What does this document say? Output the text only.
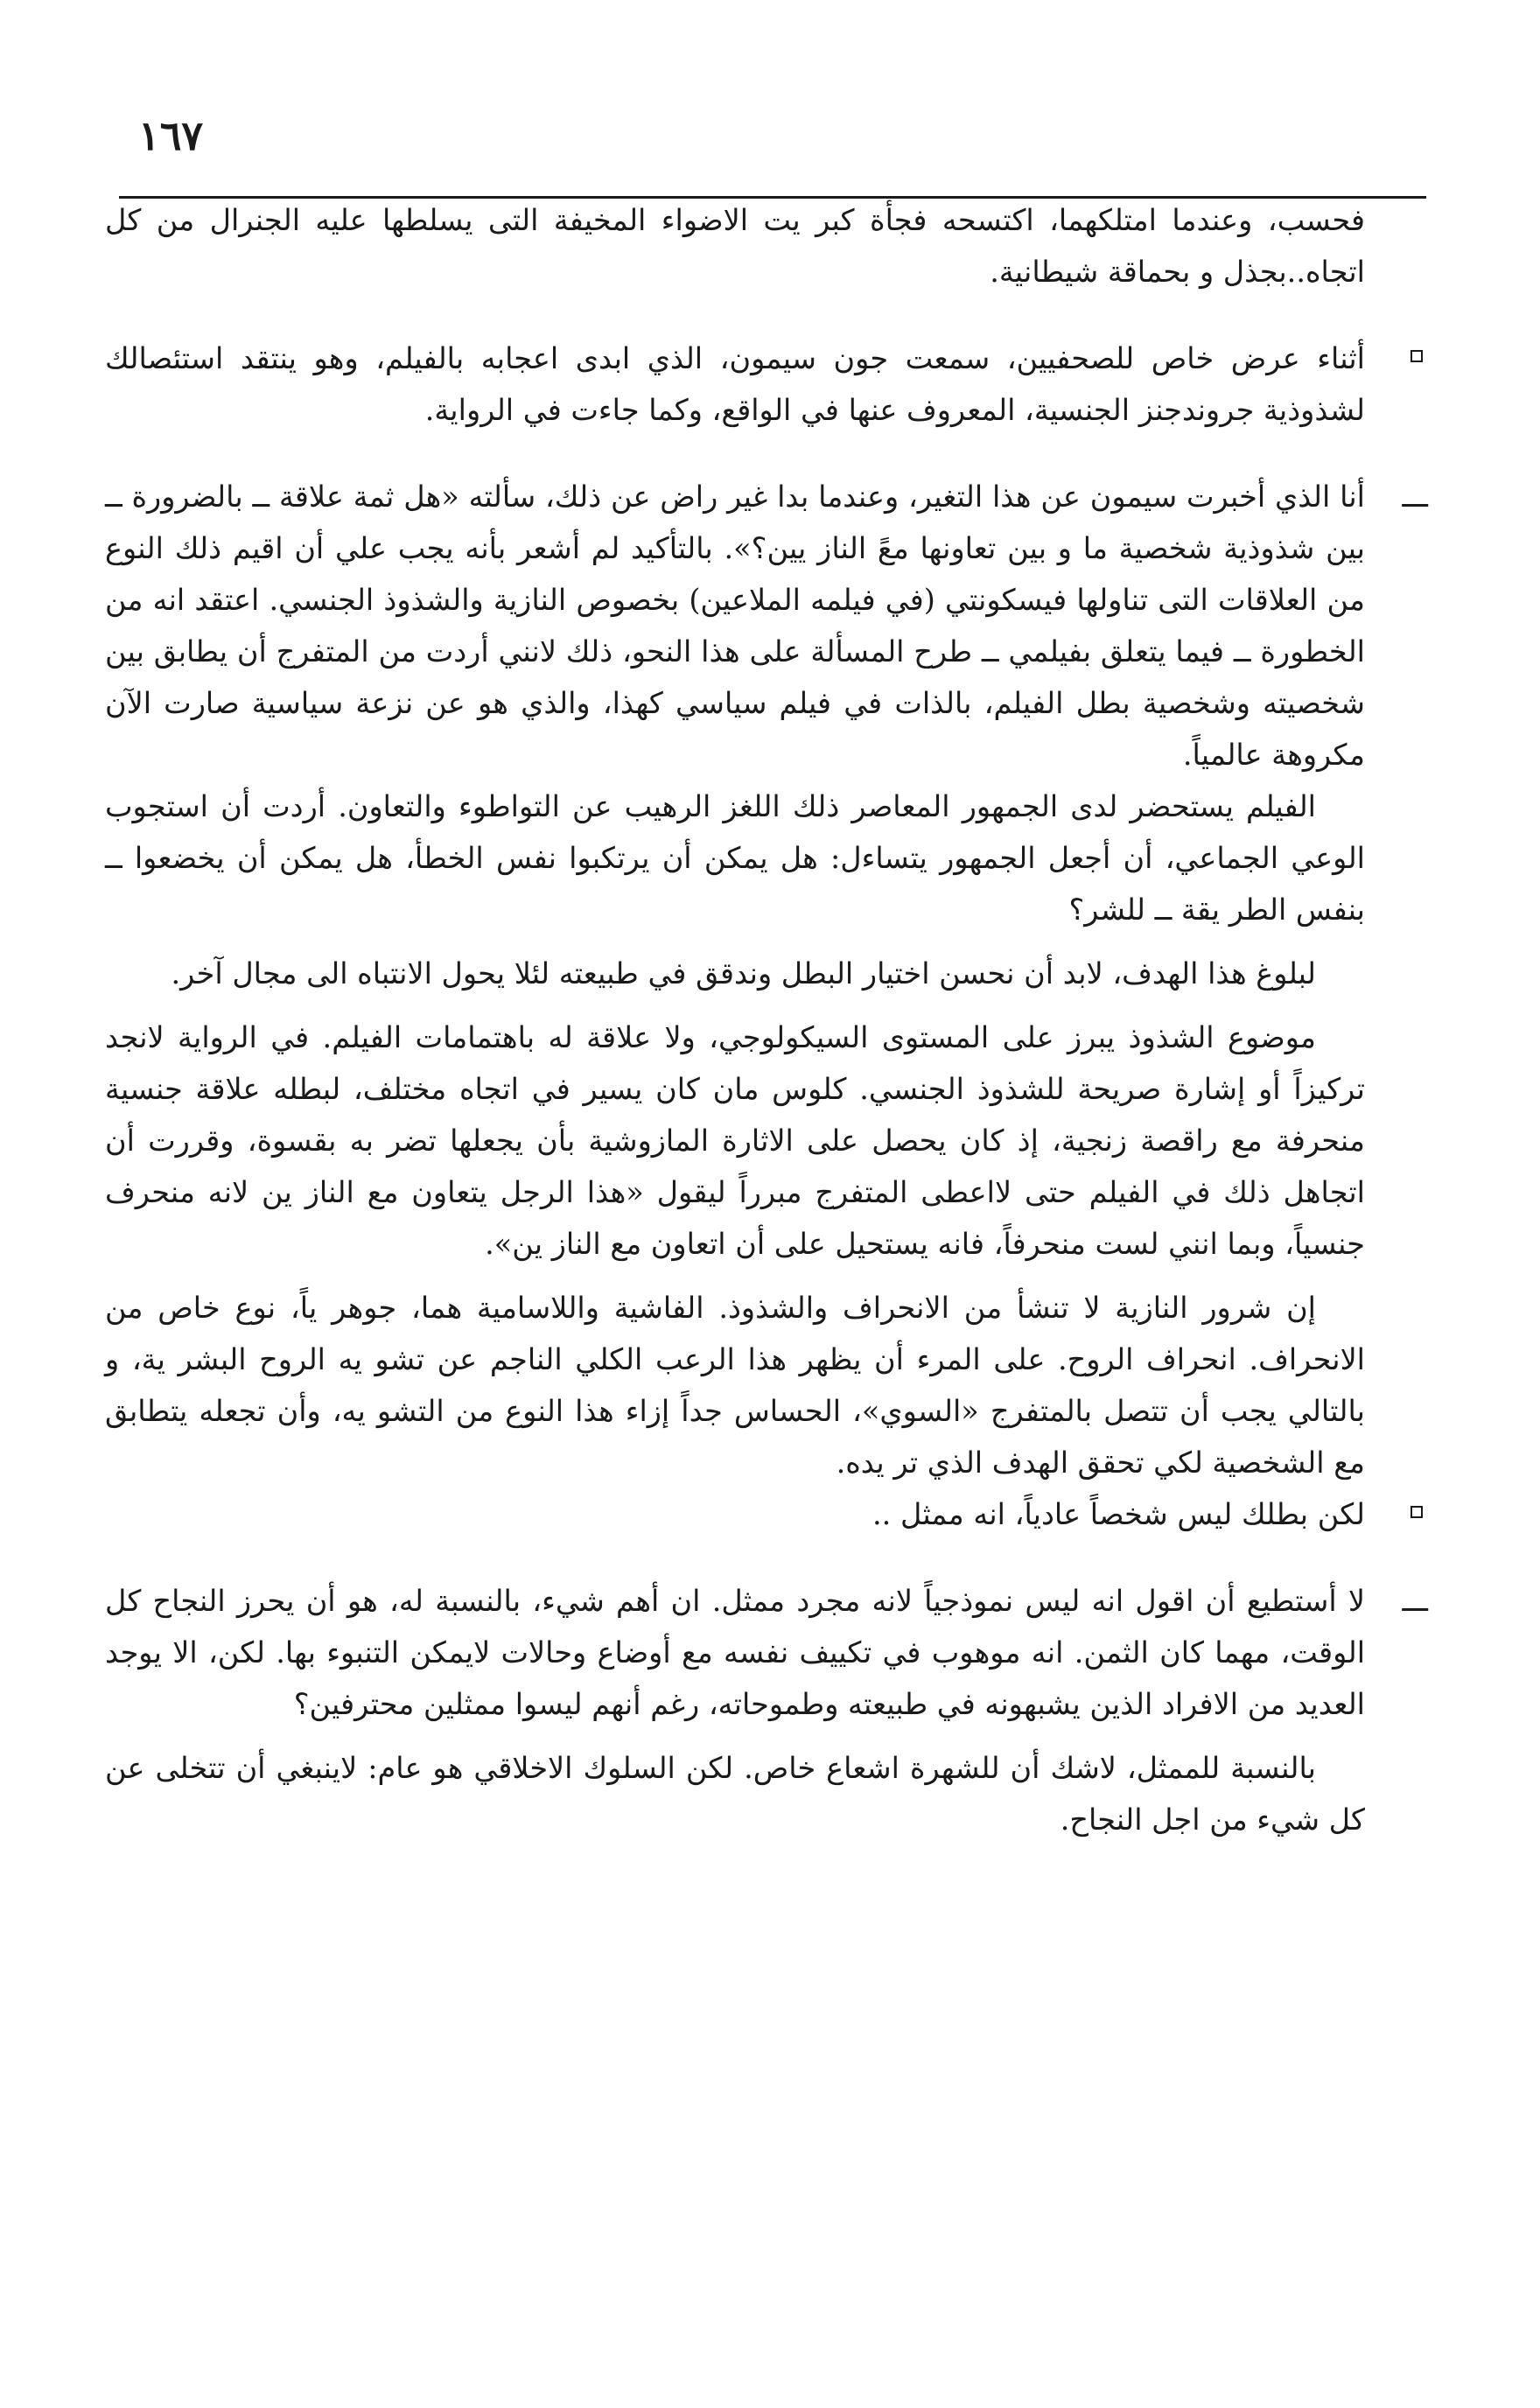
١٦٧

فحسب، وعندما امتلكهما، اكتسحه فجأة كبر يت الاضواء المخيفة التى يسلطها عليه الجنرال من كل اتجاه..بجذل و بحماقة شيطانية.

أثناء عرض خاص للصحفيين، سمعت جون سيمون، الذي ابدى اعجابه بالفيلم، وهو ينتقد استئصالك لشذوذية جروندجنز الجنسية، المعروف عنها في الواقع، وكما جاءت في الرواية.

ـــ
أنا الذي أخبرت سيمون عن هذا التغير، وعندما بدا غير راض عن ذلك، سألته «هل ثمة علاقة ــ بالضرورة ــ بين شذوذية شخصية ما و بين تعاونها معً الناز يين؟». بالتأكيد لم أشعر بأنه يجب علي أن اقيم ذلك النوع من العلاقات التى تناولها فيسكونتي (في فيلمه الملاعين) بخصوص النازية والشذوذ الجنسي. اعتقد انه من الخطورة ــ فيما يتعلق بفيلمي ــ طرح المسألة على هذا النحو، ذلك لانني أردت من المتفرج أن يطابق بين شخصيته وشخصية بطل الفيلم، بالذات في فيلم سياسي كهذا، والذي هو عن نزعة سياسية صارت الآن مكروهة عالمياً.

الفيلم يستحضر لدى الجمهور المعاصر ذلك اللغز الرهيب عن التواطوء والتعاون. أردت أن استجوب الوعي الجماعي، أن أجعل الجمهور يتساءل: هل يمكن أن يرتكبوا نفس الخطأ، هل يمكن أن يخضعوا ــ بنفس الطر يقة ــ للشر؟

لبلوغ هذا الهدف، لابد أن نحسن اختيار البطل وندقق في طبيعته لئلا يحول الانتباه الى مجال آخر.

موضوع الشذوذ يبرز على المستوى السيكولوجي، ولا علاقة له باهتمامات الفيلم. في الرواية لانجد تركيزاً أو إشارة صريحة للشذوذ الجنسي. كلوس مان كان يسير في اتجاه مختلف، لبطله علاقة جنسية منحرفة مع راقصة زنجية، إذ كان يحصل على الاثارة المازوشية بأن يجعلها تضر به بقسوة، وقررت أن اتجاهل ذلك في الفيلم حتى لااعطى المتفرج مبرراً ليقول «هذا الرجل يتعاون مع الناز ين لانه منحرف جنسياً، وبما انني لست منحرفاً، فانه يستحيل على أن اتعاون مع الناز ين».

إن شرور النازية لا تنشأ من الانحراف والشذوذ. الفاشية واللاسامية هما، جوهر ياً، نوع خاص من الانحراف. انحراف الروح. على المرء أن يظهر هذا الرعب الكلي الناجم عن تشو يه الروح البشر ية، و بالتالي يجب أن تتصل بالمتفرج «السوي»، الحساس جداً إزاء هذا النوع من التشو يه، وأن تجعله يتطابق مع الشخصية لكي تحقق الهدف الذي تر يده.

لكن بطلك ليس شخصاً عادياً، انه ممثل ..

ـــ
لا أستطيع أن اقول انه ليس نموذجياً لانه مجرد ممثل. ان أهم شيء، بالنسبة له، هو أن يحرز النجاح كل الوقت، مهما كان الثمن. انه موهوب في تكييف نفسه مع أوضاع وحالات لايمكن التنبوء بها. لكن، الا يوجد العديد من الافراد الذين يشبهونه في طبيعته وطموحاته، رغم أنهم ليسوا ممثلين محترفين؟

بالنسبة للممثل، لاشك أن للشهرة اشعاع خاص. لكن السلوك الاخلاقي هو عام: لاينبغي أن تتخلى عن كل شيء من اجل النجاح.
